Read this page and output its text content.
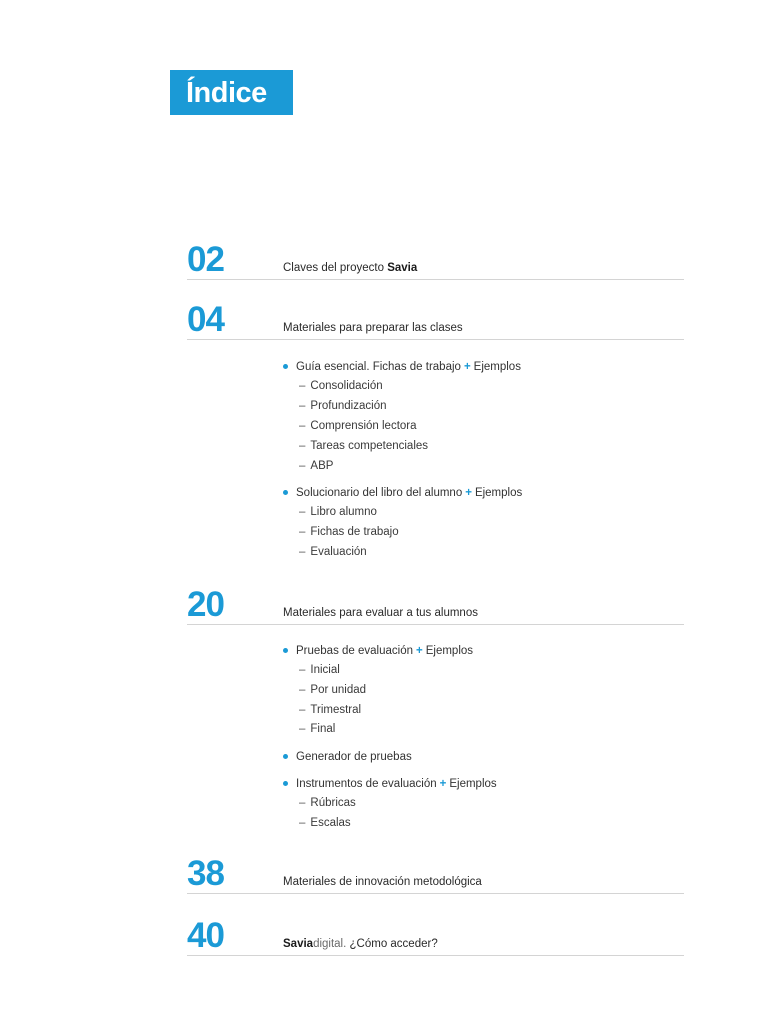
Índice
02	Claves del proyecto Savia
04	Materiales para preparar las clases
Guía esencial. Fichas de trabajo + Ejemplos
– Consolidación
– Profundización
– Comprensión lectora
– Tareas competenciales
– ABP
Solucionario del libro del alumno + Ejemplos
– Libro alumno
– Fichas de trabajo
– Evaluación
20	Materiales para evaluar a tus alumnos
Pruebas de evaluación + Ejemplos
– Inicial
– Por unidad
– Trimestral
– Final
Generador de pruebas
Instrumentos de evaluación + Ejemplos
– Rúbricas
– Escalas
38	Materiales de innovación metodológica
40	Saviadigital. ¿Cómo acceder?
